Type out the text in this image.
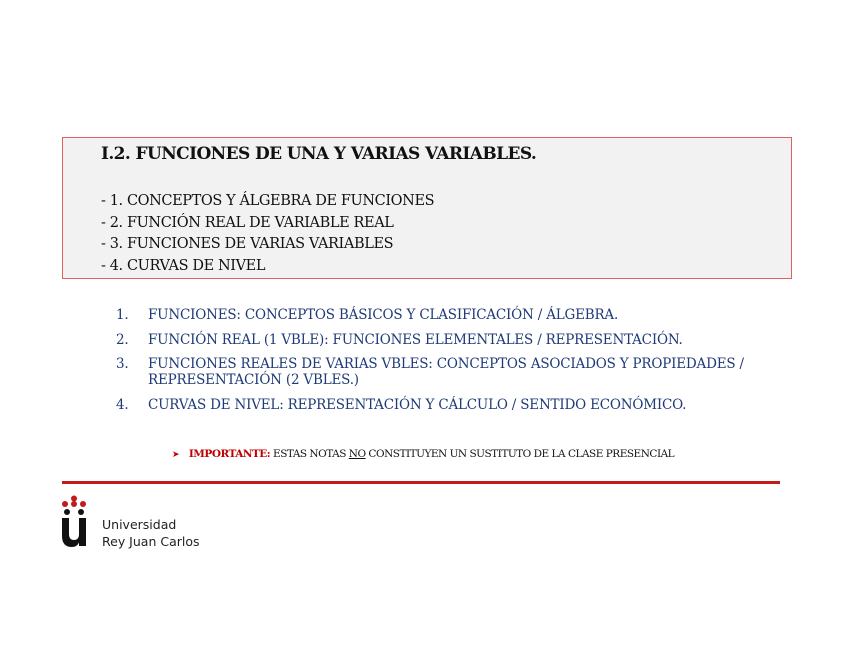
I.2. FUNCIONES DE UNA Y VARIAS VARIABLES.
- 1. CONCEPTOS Y ÁLGEBRA DE FUNCIONES
- 2. FUNCIÓN REAL DE VARIABLE REAL
- 3. FUNCIONES DE VARIAS VARIABLES
- 4. CURVAS DE NIVEL
1. FUNCIONES: CONCEPTOS BÁSICOS Y CLASIFICACIÓN / ÁLGEBRA.
2. FUNCIÓN REAL (1 VBLE): FUNCIONES ELEMENTALES / REPRESENTACIÓN.
3. FUNCIONES REALES DE VARIAS VBLES: CONCEPTOS ASOCIADOS Y PROPIEDADES / REPRESENTACIÓN (2 VBLES.)
4. CURVAS DE NIVEL: REPRESENTACIÓN Y CÁLCULO / SENTIDO ECONÓMICO.
➤ IMPORTANTE: ESTAS NOTAS NO CONSTITUYEN UN SUSTITUTO DE LA CLASE PRESENCIAL
Universidad
Rey Juan Carlos
